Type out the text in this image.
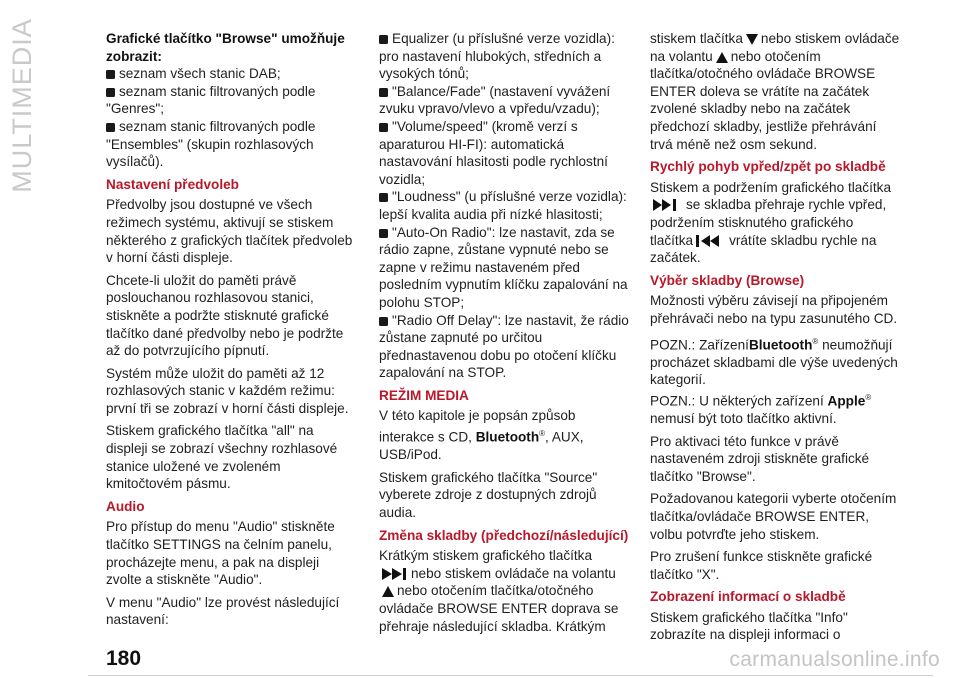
MULTIMEDIA	Grafické tlačítko "Browse" umožňuje zobrazit:

seznam všech stanic DAB;

seznam stanic filtrovaných podle "Genres";

seznam stanic filtrovaných podle "Ensembles" (skupin rozhlasových vysílačů).

Nastavení předvoleb

Předvolby jsou dostupné ve všech režimech systému, aktivují se stiskem některého z grafických tlačítek předvoleb v horní části displeje.

Chcete-li uložit do paměti právě poslouchanou rozhlasovou stanici, stiskněte a podržte stisknuté grafické tlačítko dané předvolby nebo je podržte až do potvrzujícího pípnutí.

Systém může uložit do paměti až 12 rozhlasových stanic v každém režimu: první tři se zobrazí v horní části displeje.

Stiskem grafického tlačítka "all" na displeji se zobrazí všechny rozhlasové stanice uložené ve zvoleném kmitočtovém pásmu.

Audio

Pro přístup do menu "Audio" stiskněte tlačítko SETTINGS na čelním panelu, procházejte menu, a pak na displeji zvolte a stiskněte "Audio".

V menu "Audio" lze provést následující nastavení:

Equalizer (u příslušné verze vozidla): pro nastavení hlubokých, středních a vysokých tónů;

"Balance/Fade" (nastavení vyvážení zvuku vpravo/vlevo a vpředu/vzadu);

"Volume/speed" (kromě verzí s aparaturou HI-FI): automatická nastavování hlasitosti podle rychlostní vozidla;

"Loudness" (u příslušné verze vozidla): lepší kvalita audia při nízké hlasitosti;

"Auto-On Radio": lze nastavit, zda se rádio zapne, zůstane vypnuté nebo se zapne v režimu nastaveném před posledním vypnutím klíčku zapalování na polohu STOP;

"Radio Off Delay": lze nastavit, že rádio zůstane zapnuté po určitou přednastavenou dobu po otočení klíčku zapalování na STOP.

REŽIM MEDIA

V této kapitole je popsán způsob interakce s CD, Bluetooth®, AUX, USB/iPod.

Stiskem grafického tlačítka "Source" vyberete zdroje z dostupných zdrojů audia.

Změna skladby (předchozí/následující)

Krátkým stiskem grafického tlačítka
nebo stiskem ovládače na volantu
nebo otočením tlačítka/otočného ovládače BROWSE ENTER doprava se přehraje následující skladba. Krátkým

stiskem tlačítka nebo stiskem ovládače na volantu nebo otočením tlačítka/otočného ovládače BROWSE ENTER doleva se vrátíte na začátek zvolené skladby nebo na začátek předchozí skladby, jestliže přehrávání trvá méně než osm sekund.

Rychlý pohyb vpřed/zpět po skladbě

Stiskem a podržením grafického tlačítka
se skladba přehraje rychle vpřed, podržením stisknutého grafického tlačítka	vrátíte skladbu rychle na začátek.

Výběr skladby (Browse)

Možnosti výběru závisejí na připojeném přehrávači nebo na typu zasunutého CD.

POZN.: ZařízeníBluetooth® neumožňují procházet skladbami dle výše uvedených kategorií.

POZN.: U některých zařízení Apple® nemusí být toto tlačítko aktivní.

Pro aktivaci této funkce v právě nastaveném zdroji stiskněte grafické tlačítko "Browse".

Požadovanou kategorii vyberte otočením tlačítka/ovládače BROWSE ENTER, volbu potvrďte jeho stiskem.

Pro zrušení funkce stiskněte grafické tlačítko "X".

Zobrazení informací o skladbě

Stiskem grafického tlačítka "Info" zobrazíte na displeji informaci o

180	carmanualsonline.info
